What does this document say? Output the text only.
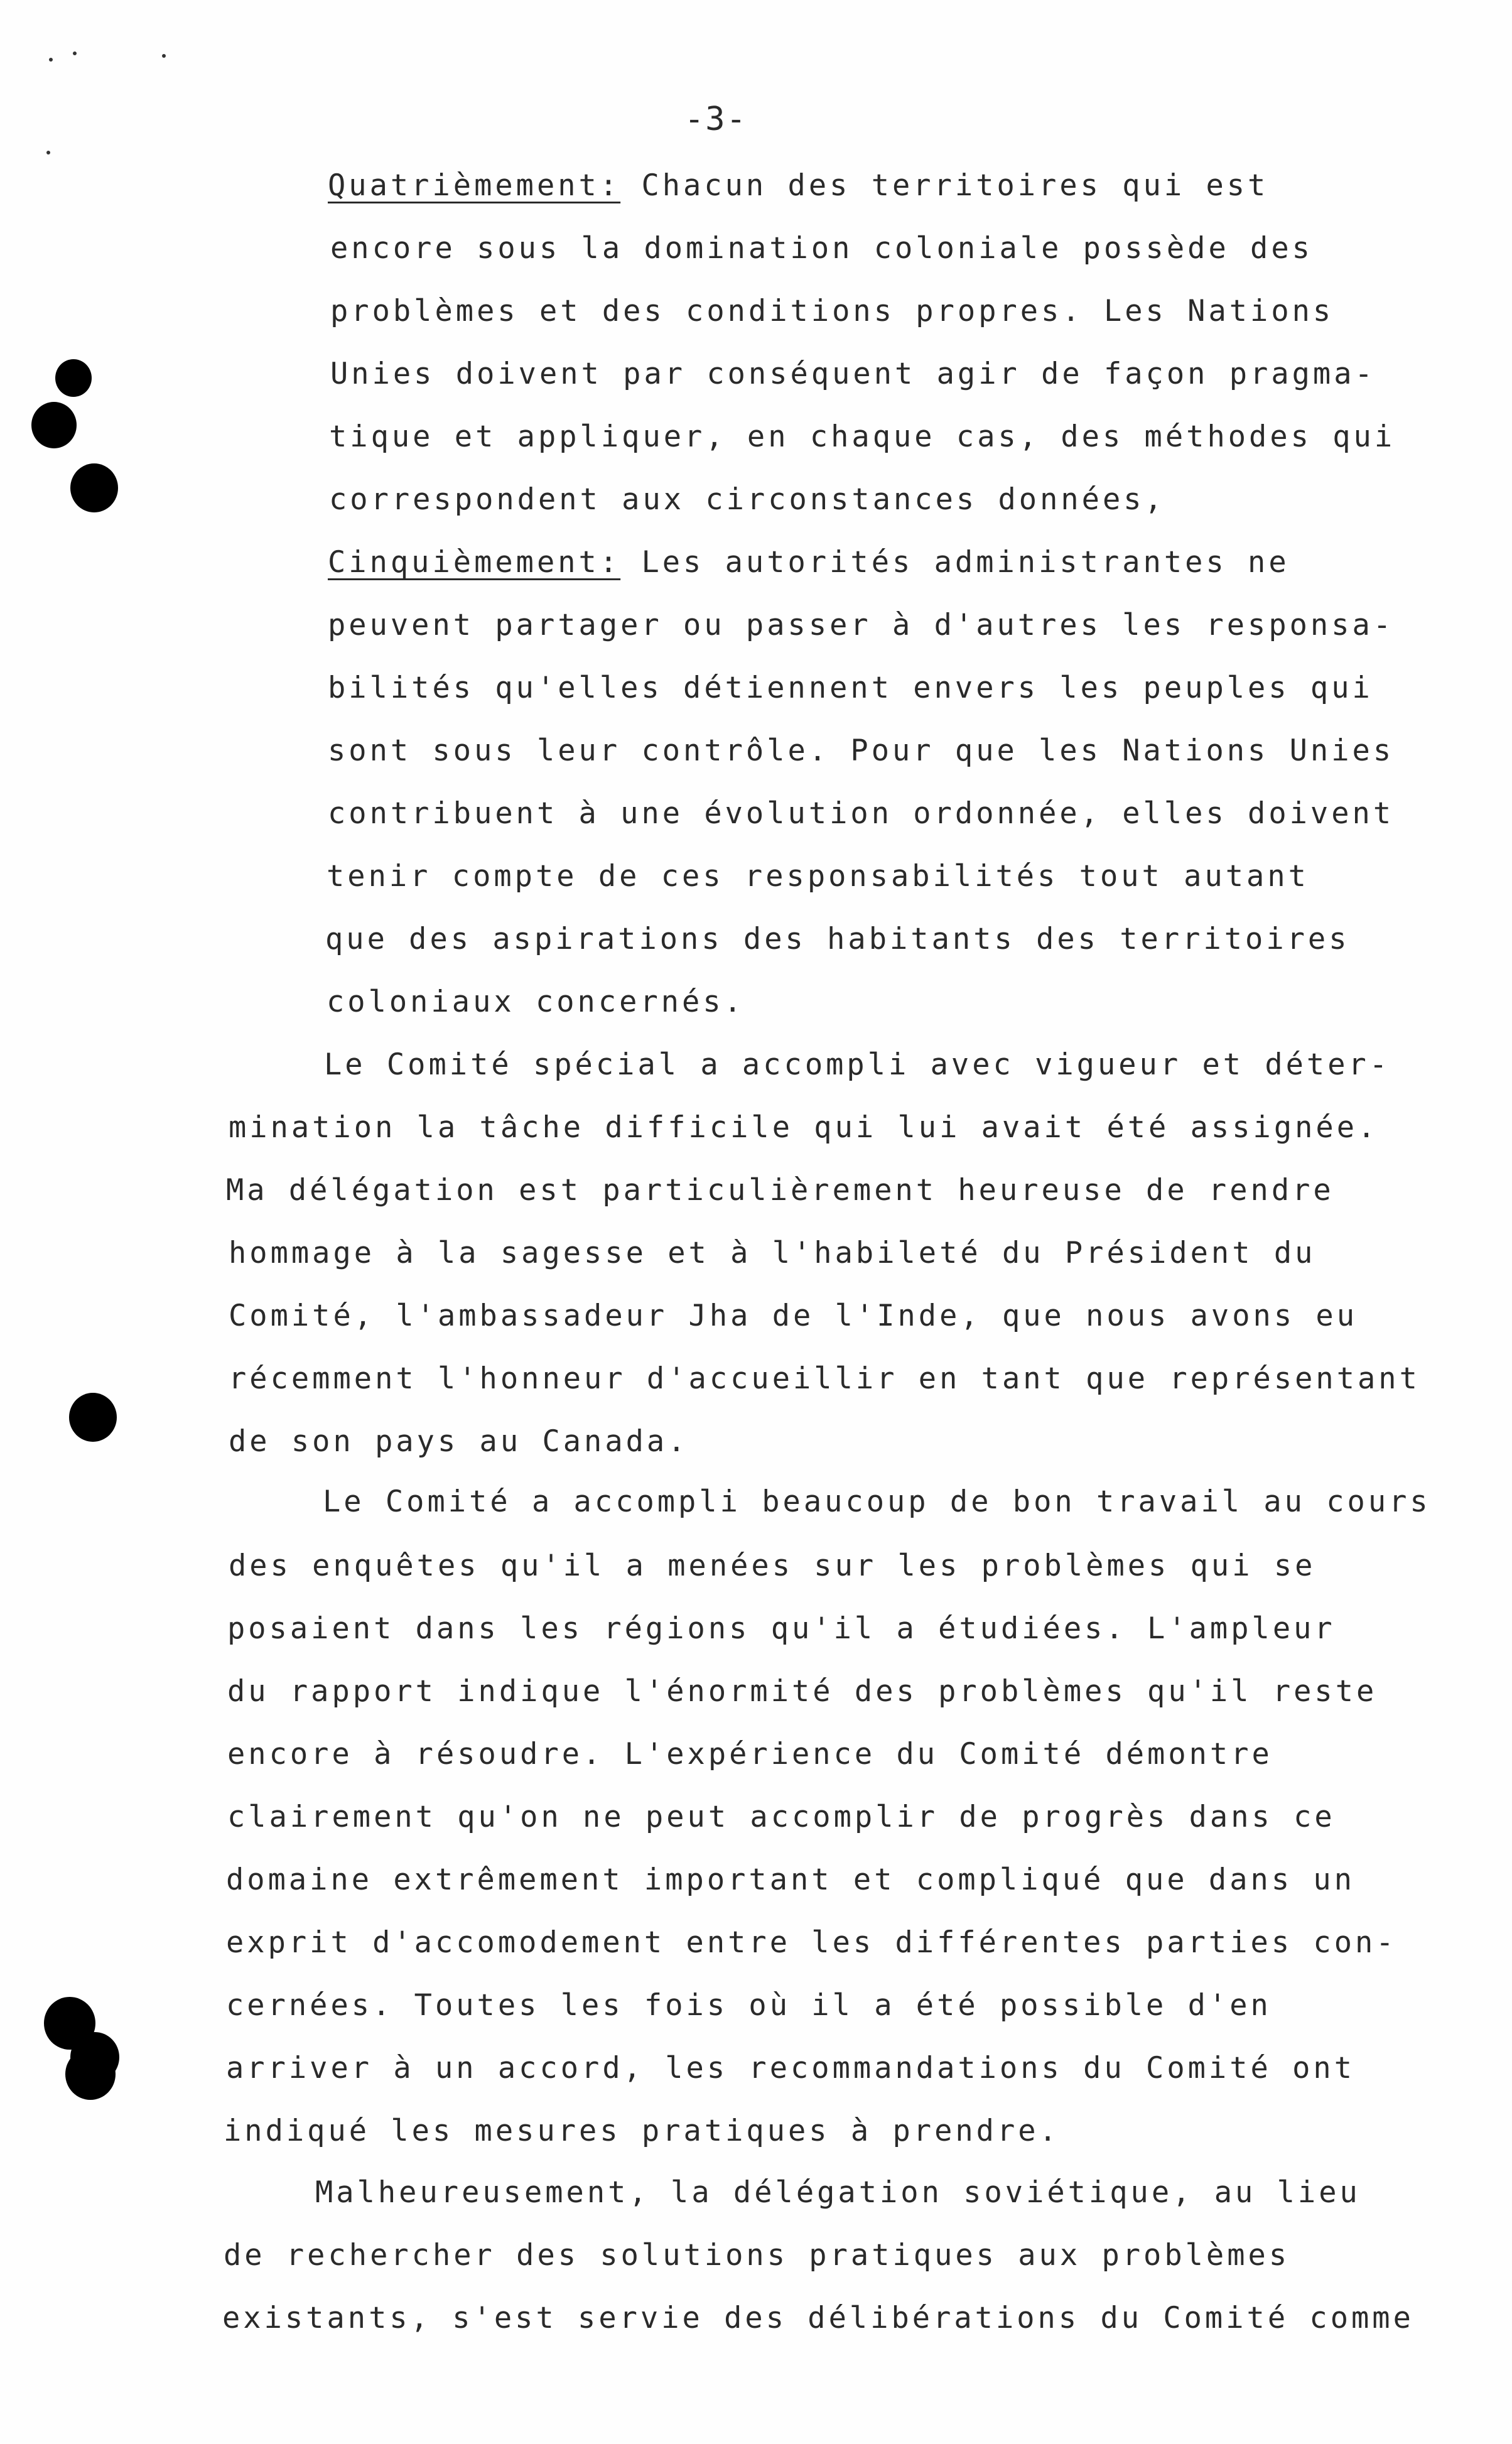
-3-
Quatrièmement: Chacun des territoires qui est
encore sous la domination coloniale possède des
problèmes et des conditions propres. Les Nations
Unies doivent par conséquent agir de façon pragma-
tique et appliquer, en chaque cas, des méthodes qui
correspondent aux circonstances données,
Cinquièmement: Les autorités administrantes ne
peuvent partager ou passer à d'autres les responsa-
bilités qu'elles détiennent envers les peuples qui
sont sous leur contrôle. Pour que les Nations Unies
contribuent à une évolution ordonnée, elles doivent
tenir compte de ces responsabilités tout autant
que des aspirations des habitants des territoires
coloniaux concernés.
Le Comité spécial a accompli avec vigueur et déter-
mination la tâche difficile qui lui avait été assignée.
Ma délégation est particulièrement heureuse de rendre
hommage à la sagesse et à l'habileté du Président du
Comité, l'ambassadeur Jha de l'Inde, que nous avons eu
récemment l'honneur d'accueillir en tant que représentant
de son pays au Canada.
Le Comité a accompli beaucoup de bon travail au cours
des enquêtes qu'il a menées sur les problèmes qui se
posaient dans les régions qu'il a étudiées. L'ampleur
du rapport indique l'énormité des problèmes qu'il reste
encore à résoudre. L'expérience du Comité démontre
clairement qu'on ne peut accomplir de progrès dans ce
domaine extrêmement important et compliqué que dans un
exprit d'accomodement entre les différentes parties con-
cernées. Toutes les fois où il a été possible d'en
arriver à un accord, les recommandations du Comité ont
indiqué les mesures pratiques à prendre.
Malheureusement, la délégation soviétique, au lieu
de rechercher des solutions pratiques aux problèmes
existants, s'est servie des délibérations du Comité comme
